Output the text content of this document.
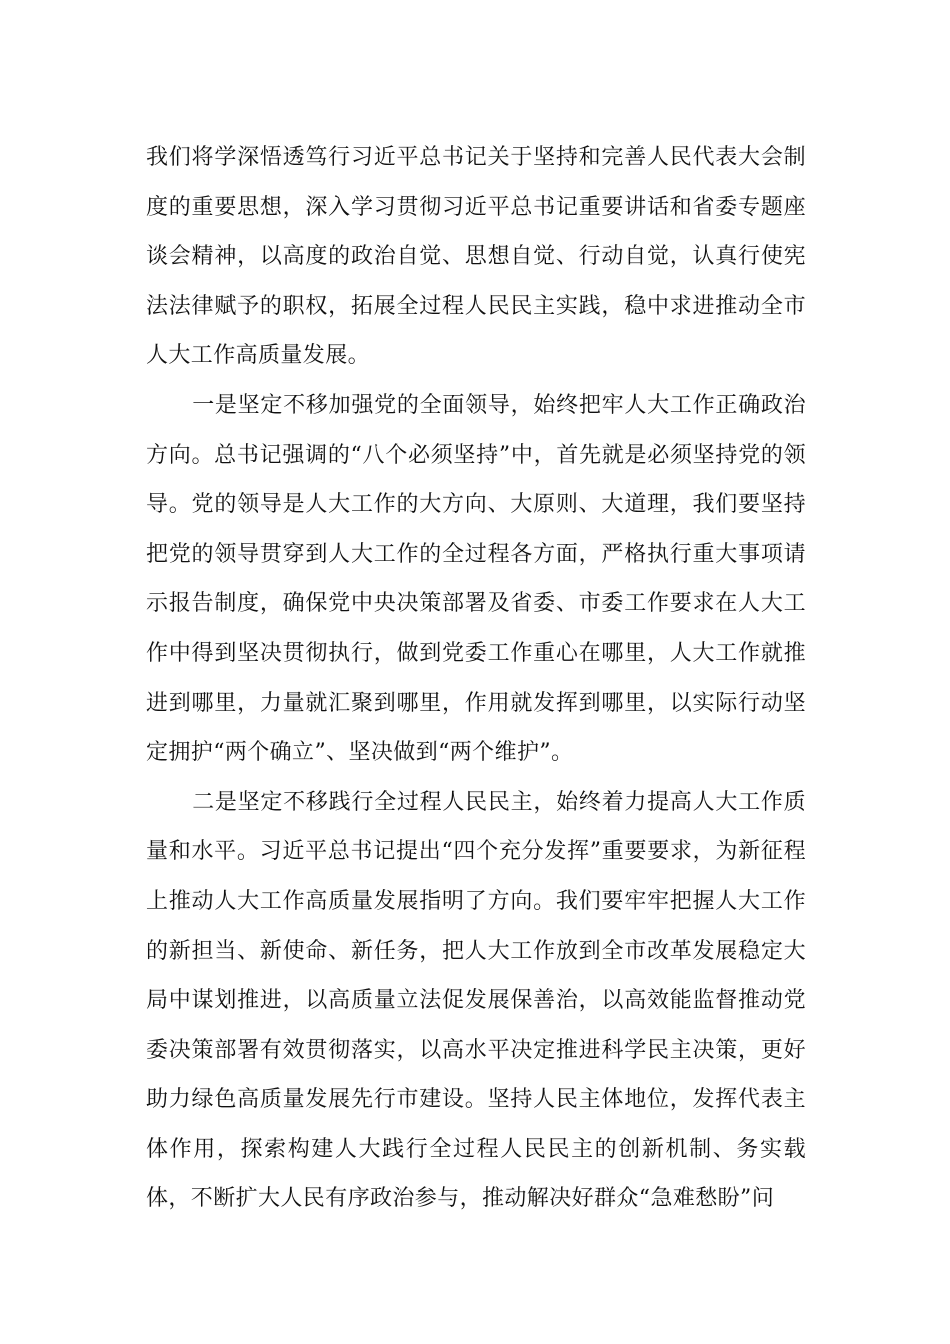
我们将学深悟透笃行习近平总书记关于坚持和完善人民代表大会制度的重要思想，深入学习贯彻习近平总书记重要讲话和省委专题座谈会精神，以高度的政治自觉、思想自觉、行动自觉，认真行使宪法法律赋予的职权，拓展全过程人民民主实践，稳中求进推动全市人大工作高质量发展。

一是坚定不移加强党的全面领导，始终把牢人大工作正确政治方向。总书记强调的“八个必须坚持”中，首先就是必须坚持党的领导。党的领导是人大工作的大方向、大原则、大道理，我们要坚持把党的领导贯穿到人大工作的全过程各方面，严格执行重大事项请示报告制度，确保党中央决策部署及省委、市委工作要求在人大工作中得到坚决贯彻执行，做到党委工作重心在哪里，人大工作就推进到哪里，力量就汇聚到哪里，作用就发挥到哪里，以实际行动坚定拥护“两个确立”、坚决做到“两个维护”。

二是坚定不移践行全过程人民民主，始终着力提高人大工作质量和水平。习近平总书记提出“四个充分发挥”重要要求，为新征程上推动人大工作高质量发展指明了方向。我们要牢牢把握人大工作的新担当、新使命、新任务，把人大工作放到全市改革发展稳定大局中谋划推进，以高质量立法促发展保善治，以高效能监督推动党委决策部署有效贯彻落实，以高水平决定推进科学民主决策，更好助力绿色高质量发展先行市建设。坚持人民主体地位，发挥代表主体作用，探索构建人大践行全过程人民民主的创新机制、务实载体，不断扩大人民有序政治参与，推动解决好群众“急难愁盼”问
